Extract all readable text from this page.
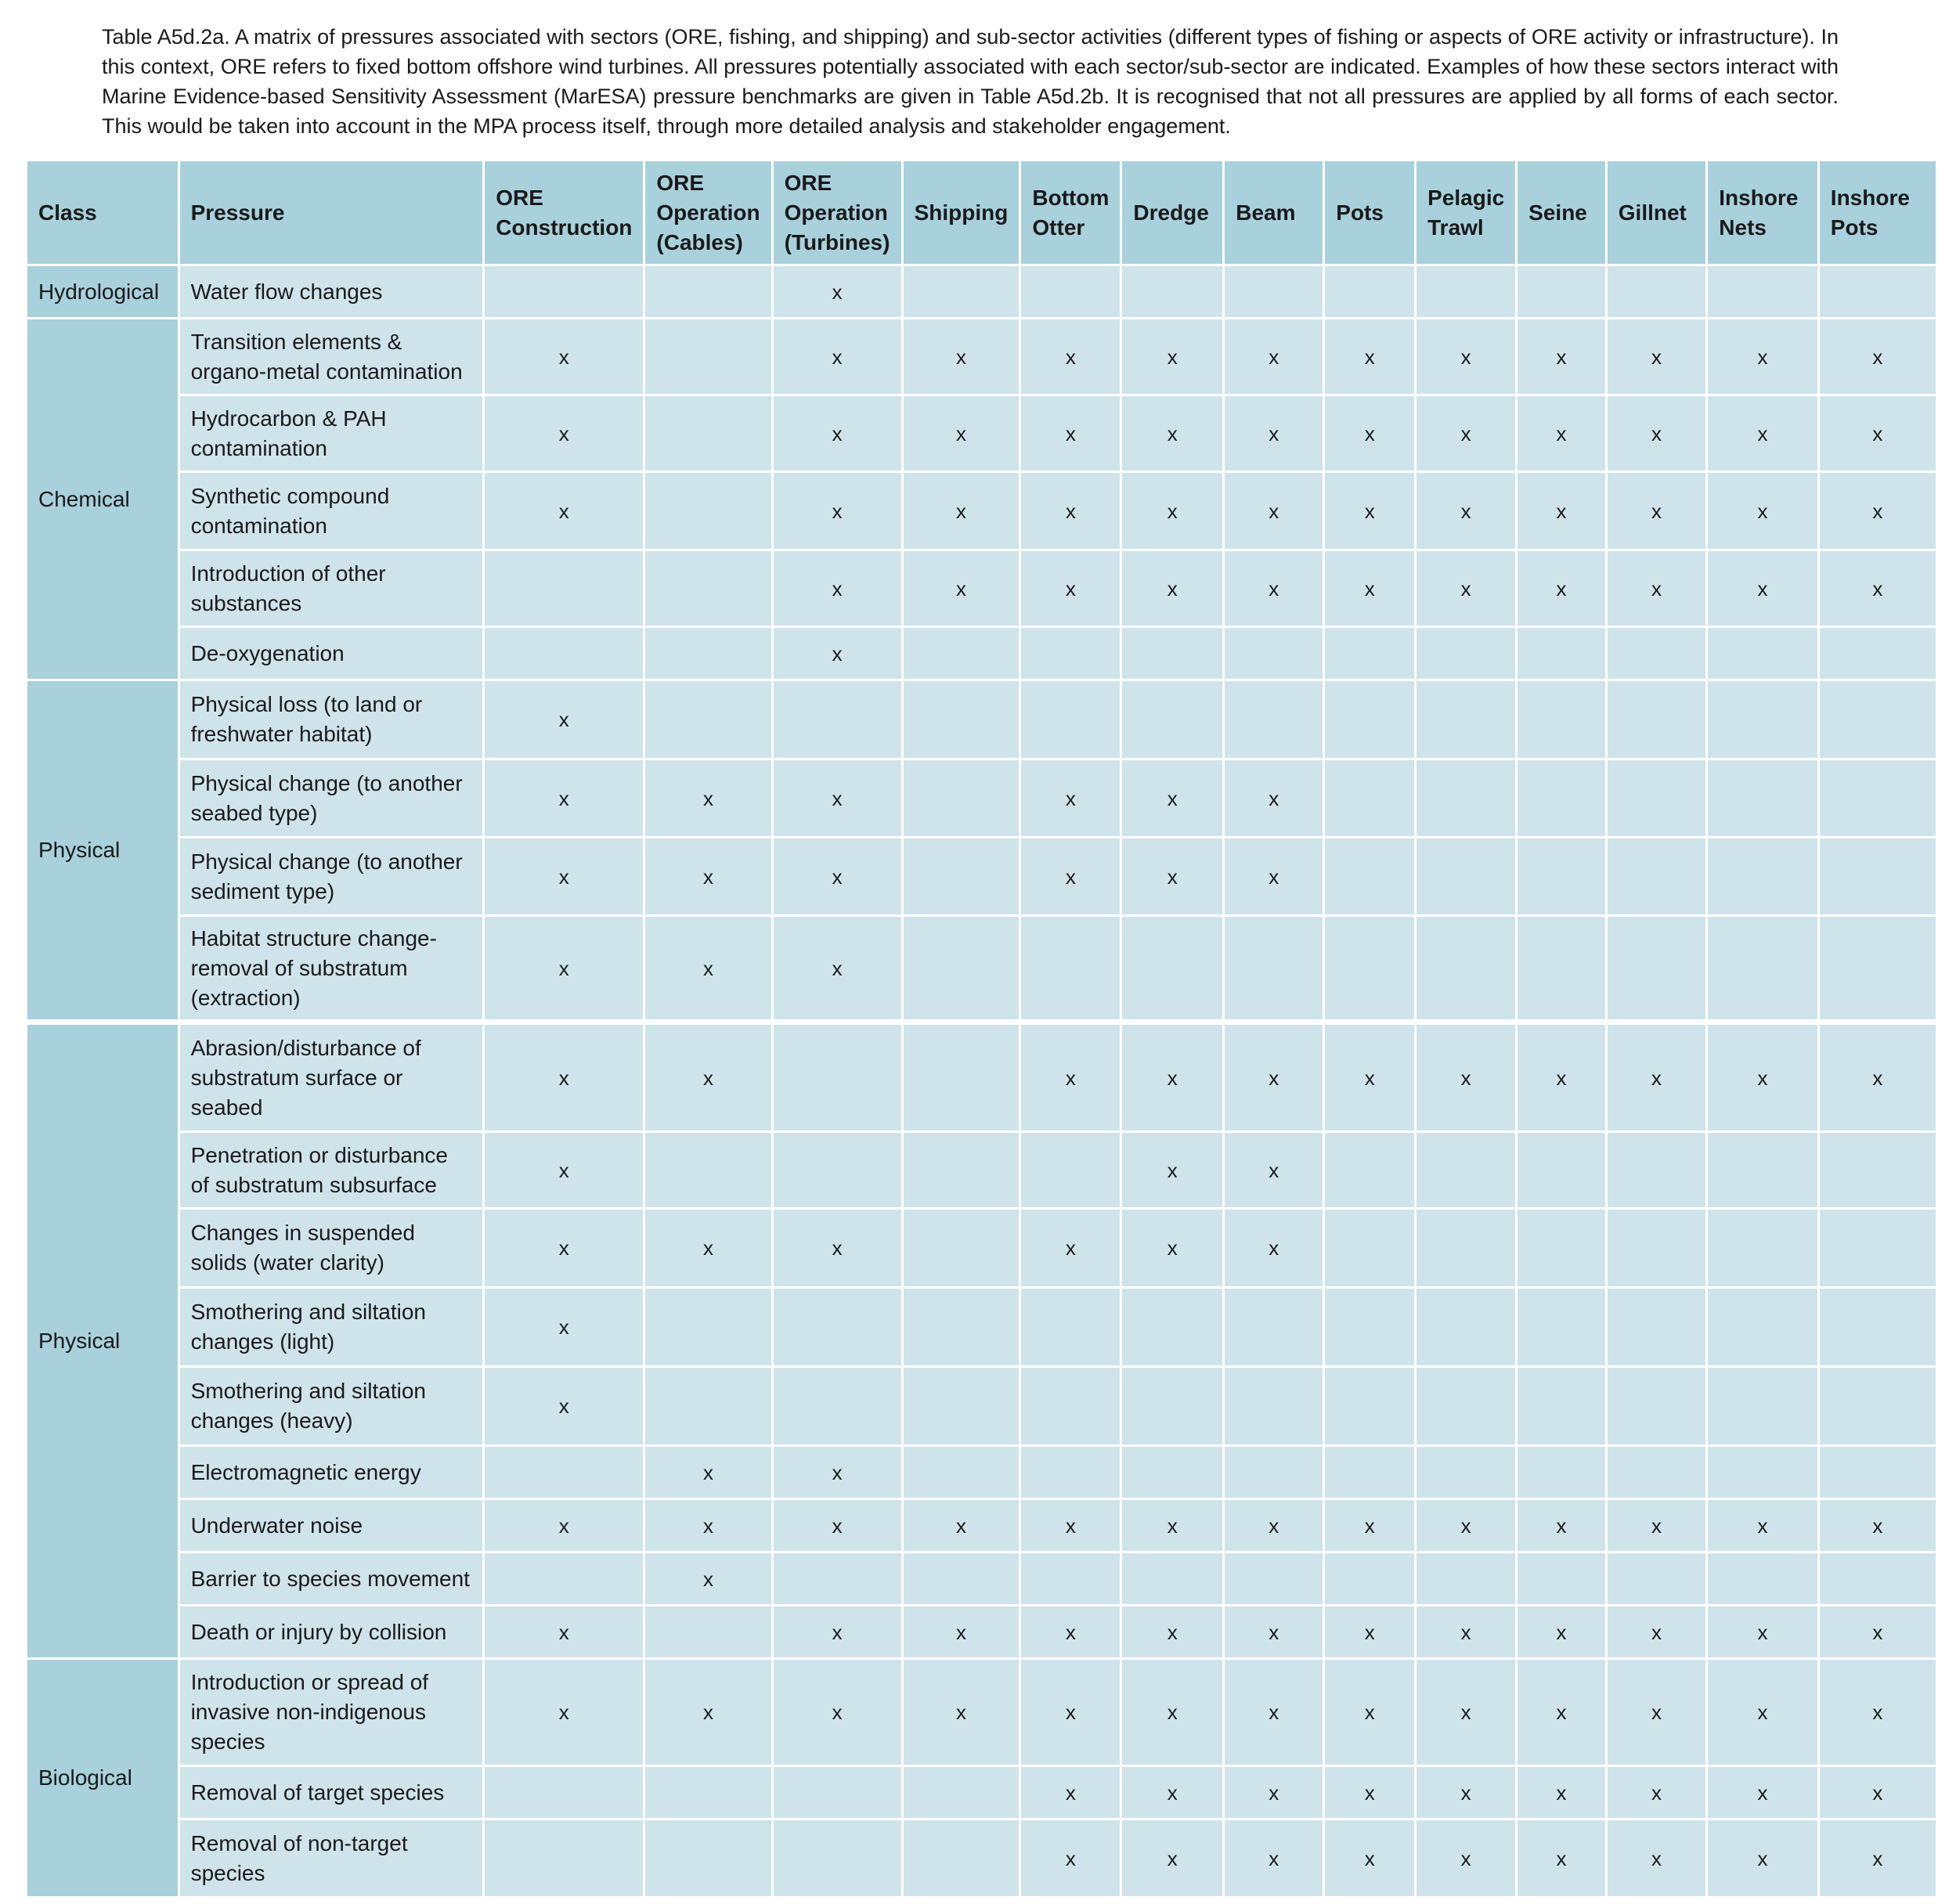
Table A5d.2a. A matrix of pressures associated with sectors (ORE, fishing, and shipping) and sub-sector activities (different types of fishing or aspects of ORE activity or infrastructure). In this context, ORE refers to fixed bottom offshore wind turbines. All pressures potentially associated with each sector/sub-sector are indicated. Examples of how these sectors interact with Marine Evidence-based Sensitivity Assessment (MarESA) pressure benchmarks are given in Table A5d.2b. It is recognised that not all pressures are applied by all forms of each sector. This would be taken into account in the MPA process itself, through more detailed analysis and stakeholder engagement.

Class	Pressure	ORE Construction	ORE Operation (Cables)	ORE Operation (Turbines)	Shipping	Bottom Otter	Dredge	Beam	Pots	Pelagic Trawl	Seine	Gillnet	Inshore Nets	Inshore Pots
Hydrological	Water flow changes			x										
Chemical	Transition elements & organo-metal contamination	x		x	x	x	x	x	x	x	x	x	x	x
	Hydrocarbon & PAH contamination	x		x	x	x	x	x	x	x	x	x	x	x
	Synthetic compound contamination	x		x	x	x	x	x	x	x	x	x	x	x
	Introduction of other substances			x	x	x	x	x	x	x	x	x	x	x
	De-oxygenation			x										
Physical	Physical loss (to land or freshwater habitat)	x												
	Physical change (to another seabed type)	x	x	x		x	x	x						
	Physical change (to another sediment type)	x	x	x		x	x	x						
	Habitat structure change-removal of substratum (extraction)	x	x	x										
Physical	Abrasion/disturbance of substratum surface or seabed	x	x			x	x	x	x	x	x	x	x	x
	Penetration or disturbance of substratum subsurface	x					x	x						
	Changes in suspended solids (water clarity)	x	x	x		x	x	x						
	Smothering and siltation changes (light)	x												
	Smothering and siltation changes (heavy)	x												
	Electromagnetic energy		x	x										
	Underwater noise	x	x	x	x	x	x	x	x	x	x	x	x	x
	Barrier to species movement		x											
	Death or injury by collision	x		x	x	x	x	x	x	x	x	x	x	x
Biological	Introduction or spread of invasive non-indigenous species	x	x	x	x	x	x	x	x	x	x	x	x	x
	Removal of target species					x	x	x	x	x	x	x	x	x
	Removal of non-target species					x	x	x	x	x	x	x	x	x
